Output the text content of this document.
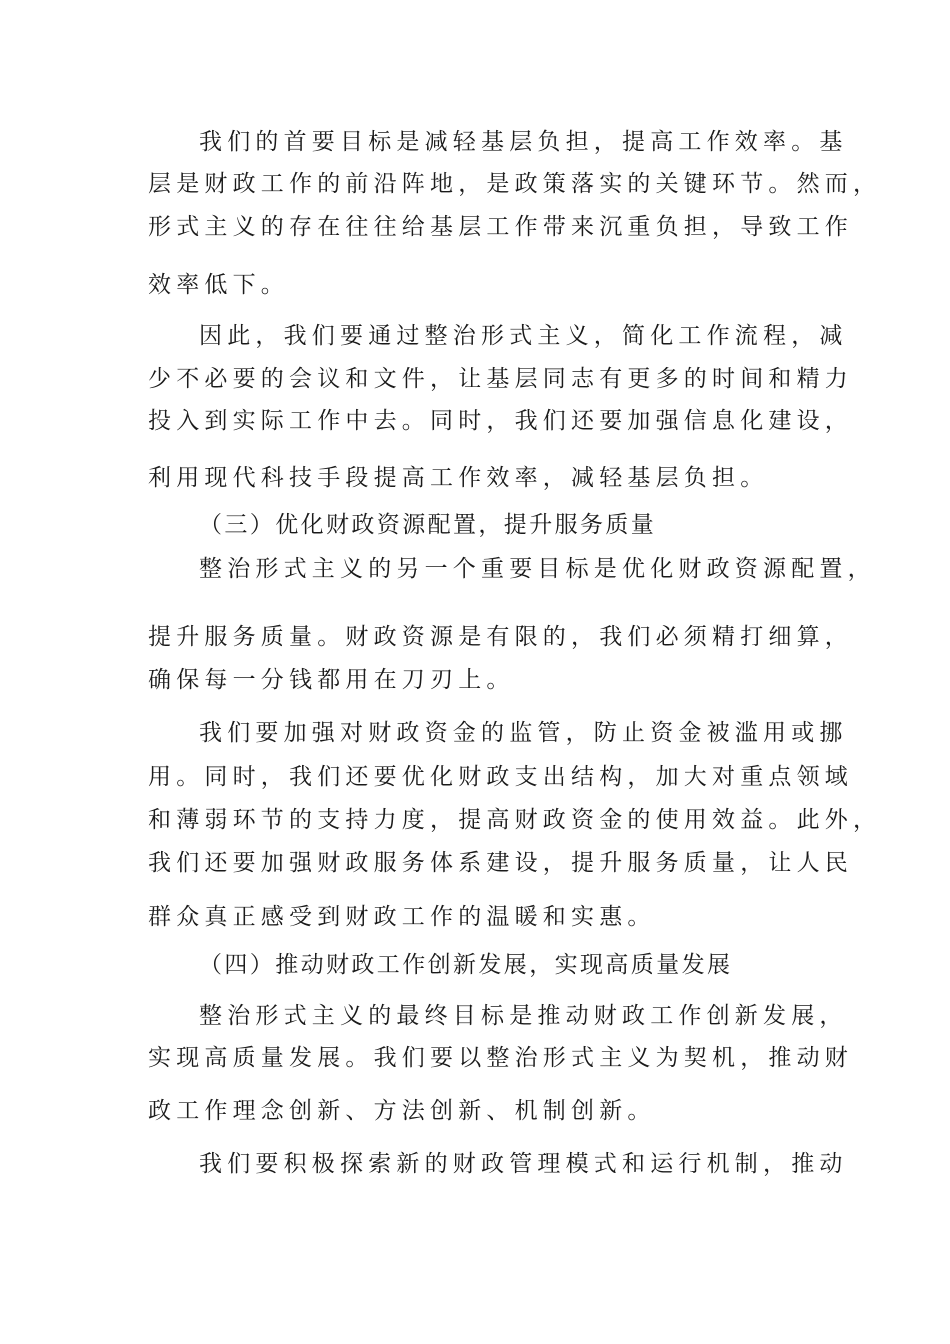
我们的首要目标是减轻基层负担，提高工作效率。基
层是财政工作的前沿阵地，是政策落实的关键环节。然而，
形式主义的存在往往给基层工作带来沉重负担，导致工作
效率低下。
因此，我们要通过整治形式主义，简化工作流程，减
少不必要的会议和文件，让基层同志有更多的时间和精力
投入到实际工作中去。同时，我们还要加强信息化建设，
利用现代科技手段提高工作效率，减轻基层负担。
（三）优化财政资源配置，提升服务质量
整治形式主义的另一个重要目标是优化财政资源配置，
提升服务质量。财政资源是有限的，我们必须精打细算，
确保每一分钱都用在刀刃上。
我们要加强对财政资金的监管，防止资金被滥用或挪
用。同时，我们还要优化财政支出结构，加大对重点领域
和薄弱环节的支持力度，提高财政资金的使用效益。此外，
我们还要加强财政服务体系建设，提升服务质量，让人民
群众真正感受到财政工作的温暖和实惠。
（四）推动财政工作创新发展，实现高质量发展
整治形式主义的最终目标是推动财政工作创新发展，
实现高质量发展。我们要以整治形式主义为契机，推动财
政工作理念创新、方法创新、机制创新。
我们要积极探索新的财政管理模式和运行机制，推动
